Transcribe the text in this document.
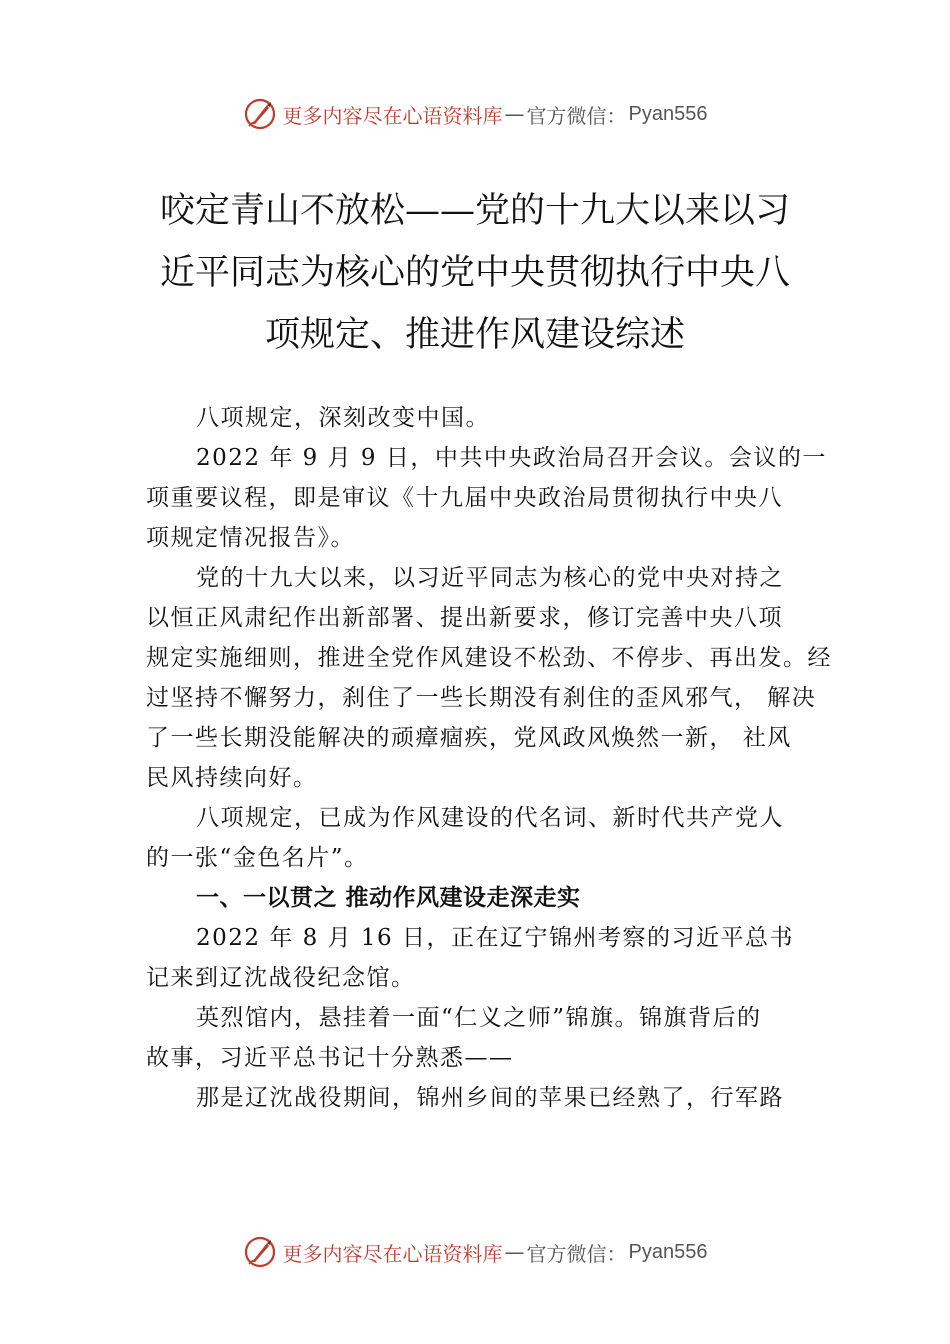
更多内容尽在心语资料库 — 官方微信： Pyan556
咬定青山不放松——党的十九大以来以习
近平同志为核心的党中央贯彻执行中央八
项规定、推进作风建设综述
八项规定，深刻改变中国。
2022 年 9 月 9 日，中共中央政治局召开会议。会议的一
项重要议程，即是审议《十九届中央政治局贯彻执行中央八
项规定情况报告》。
党的十九大以来，以习近平同志为核心的党中央对持之
以恒正风肃纪作出新部署、提出新要求，修订完善中央八项
规定实施细则，推进全党作风建设不松劲、不停步、再出发。经
过坚持不懈努力，刹住了一些长期没有刹住的歪风邪气， 解决
了一些长期没能解决的顽瘴痼疾，党风政风焕然一新， 社风
民风持续向好。
八项规定，已成为作风建设的代名词、新时代共产党人
的一张“金色名片”。
一、一以贯之 推动作风建设走深走实
2022 年 8 月 16 日，正在辽宁锦州考察的习近平总书
记来到辽沈战役纪念馆。
英烈馆内，悬挂着一面“仁义之师”锦旗。锦旗背后的
故事，习近平总书记十分熟悉——
那是辽沈战役期间，锦州乡间的苹果已经熟了，行军路
更多内容尽在心语资料库 — 官方微信： Pyan556
